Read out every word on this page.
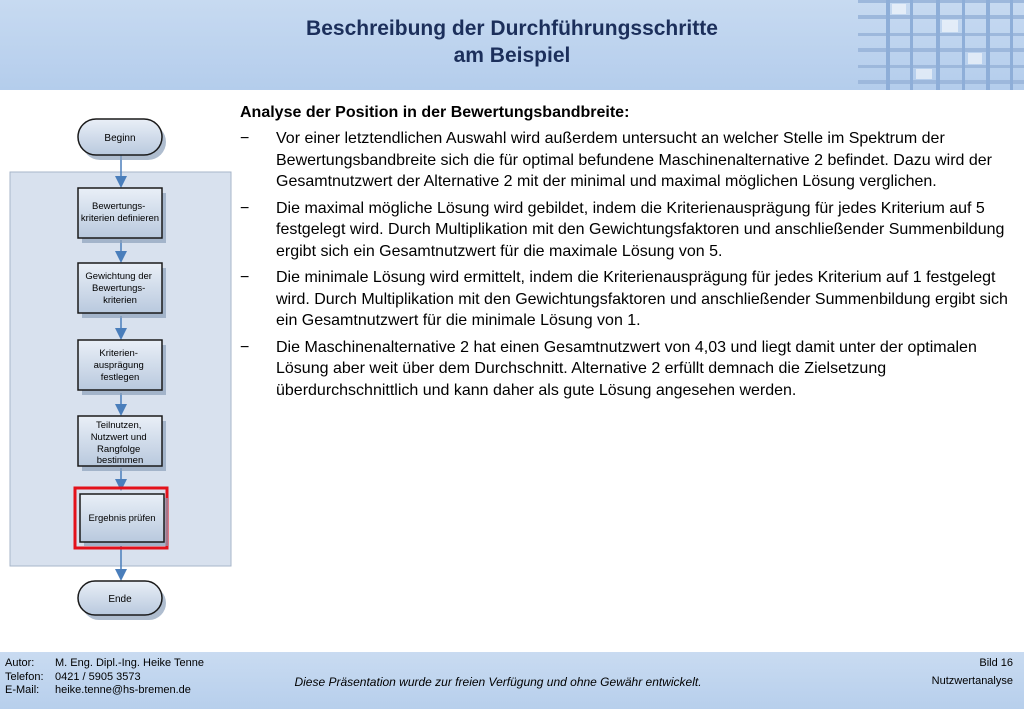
Beschreibung der Durchführungsschritte
am Beispiel
Beginn
Bewertungs- kriterien definieren
Gewichtung der Bewertungs- kriterien
Kriterien- ausprägung festlegen
Teilnutzen, Nutzwert und Rangfolge bestimmen
Ergebnis prüfen
Ende
Analyse der Position in der Bewertungsbandbreite:
− Vor einer letztendlichen Auswahl wird außerdem untersucht an welcher Stelle im Spektrum der Bewertungsbandbreite sich die für optimal befundene Maschinenalternative 2 befindet. Dazu wird der Gesamtnutzwert der Alternative 2 mit der minimal und maximal möglichen Lösung verglichen.
− Die maximal mögliche Lösung wird gebildet, indem die Kriterienausprägung für jedes Kriterium auf 5 festgelegt wird. Durch Multiplikation mit den Gewichtungsfaktoren und anschließender Summenbildung ergibt sich ein Gesamtnutzwert für die maximale Lösung von 5.
− Die minimale Lösung wird ermittelt, indem die Kriterienausprägung für jedes Kriterium auf 1 festgelegt wird. Durch Multiplikation mit den Gewichtungsfaktoren und anschließender Summenbildung ergibt sich ein Gesamtnutzwert für die minimale Lösung von 1.
− Die Maschinenalternative 2 hat einen Gesamtnutzwert von 4,03 und liegt damit unter der optimalen Lösung aber weit über dem Durchschnitt. Alternative 2 erfüllt demnach die Zielsetzung überdurchschnittlich und kann daher als gute Lösung angesehen werden.
Autor:	M. Eng. Dipl.-Ing. Heike Tenne
Telefon:	0421 / 5905 3573
E-Mail:	heike.tenne@hs-bremen.de
Diese Präsentation wurde zur freien Verfügung und ohne Gewähr entwickelt.
Bild 16
Nutzwertanalyse
